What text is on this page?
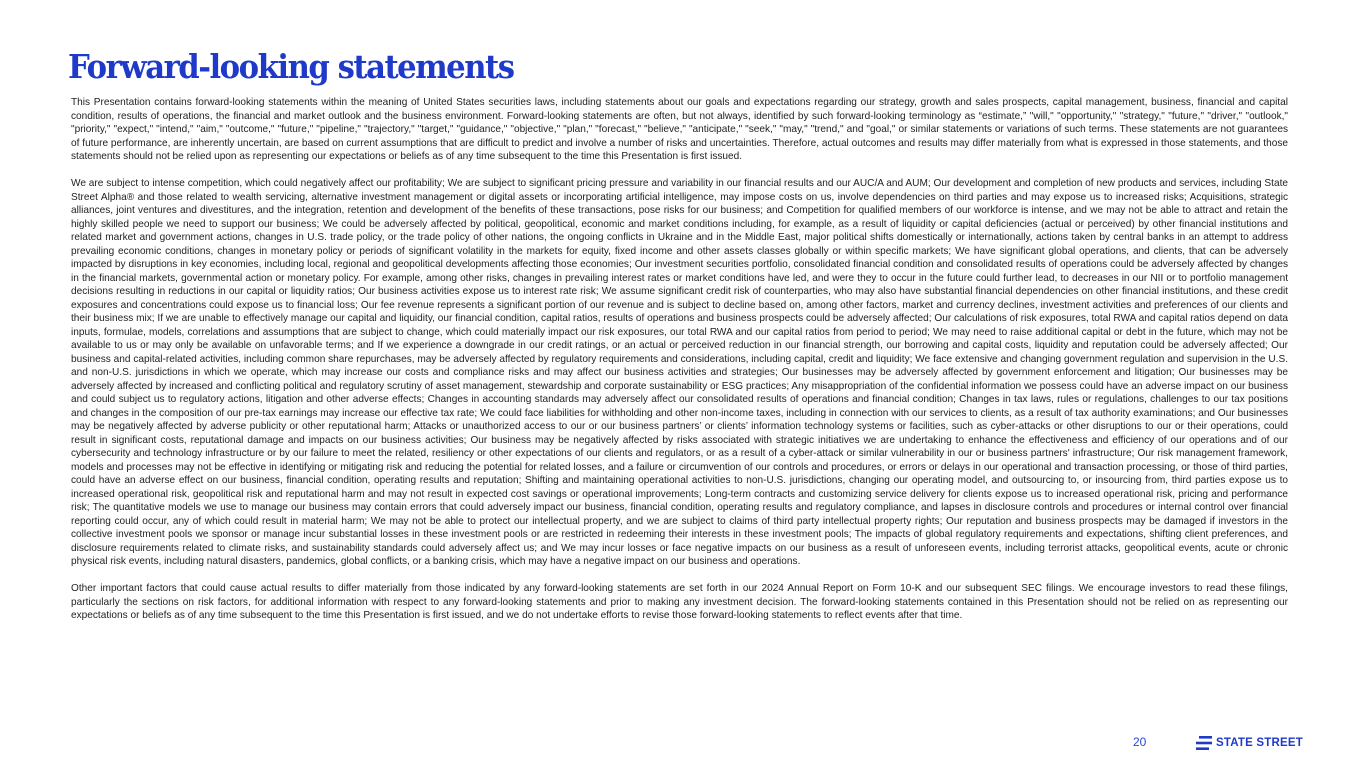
Forward-looking statements

This Presentation contains forward-looking statements within the meaning of United States securities laws, including statements about our goals and expectations regarding our strategy, growth and sales prospects, capital management, business, financial and capital condition, results of operations, the financial and market outlook and the business environment. Forward-looking statements are often, but not always, identified by such forward-looking terminology as “estimate,” "will," "opportunity," "strategy," "future," "driver," "outlook," "priority," "expect," "intend," "aim," "outcome," "future," "pipeline," "trajectory," "target," "guidance," "objective," "plan," "forecast," "believe," "anticipate," "seek," "may," "trend," and "goal," or similar statements or variations of such terms. These statements are not guarantees of future performance, are inherently uncertain, are based on current assumptions that are difficult to predict and involve a number of risks and uncertainties. Therefore, actual outcomes and results may differ materially from what is expressed in those statements, and those statements should not be relied upon as representing our expectations or beliefs as of any time subsequent to the time this Presentation is first issued.

We are subject to intense competition, which could negatively affect our profitability; We are subject to significant pricing pressure and variability in our financial results and our AUC/A and AUM; Our development and completion of new products and services, including State Street Alpha® and those related to wealth servicing, alternative investment management or digital assets or incorporating artificial intelligence, may impose costs on us, involve dependencies on third parties and may expose us to increased risks; Acquisitions, strategic alliances, joint ventures and divestitures, and the integration, retention and development of the benefits of these transactions, pose risks for our business; and Competition for qualified members of our workforce is intense, and we may not be able to attract and retain the highly skilled people we need to support our business; We could be adversely affected by political, geopolitical, economic and market conditions including, for example, as a result of liquidity or capital deficiencies (actual or perceived) by other financial institutions and related market and government actions, changes in U.S. trade policy, or the trade policy of other nations, the ongoing conflicts in Ukraine and in the Middle East, major political shifts domestically or internationally, actions taken by central banks in an attempt to address prevailing economic conditions, changes in monetary policy or periods of significant volatility in the markets for equity, fixed income and other assets classes globally or within specific markets; We have significant global operations, and clients, that can be adversely impacted by disruptions in key economies, including local, regional and geopolitical developments affecting those economies; Our investment securities portfolio, consolidated financial condition and consolidated results of operations could be adversely affected by changes in the financial markets, governmental action or monetary policy. For example, among other risks, changes in prevailing interest rates or market conditions have led, and were they to occur in the future could further lead, to decreases in our NII or to portfolio management decisions resulting in reductions in our capital or liquidity ratios; Our business activities expose us to interest rate risk; We assume significant credit risk of counterparties, who may also have substantial financial dependencies on other financial institutions, and these credit exposures and concentrations could expose us to financial loss; Our fee revenue represents a significant portion of our revenue and is subject to decline based on, among other factors, market and currency declines, investment activities and preferences of our clients and their business mix; If we are unable to effectively manage our capital and liquidity, our financial condition, capital ratios, results of operations and business prospects could be adversely affected; Our calculations of risk exposures, total RWA and capital ratios depend on data inputs, formulae, models, correlations and assumptions that are subject to change, which could materially impact our risk exposures, our total RWA and our capital ratios from period to period; We may need to raise additional capital or debt in the future, which may not be available to us or may only be available on unfavorable terms; and If we experience a downgrade in our credit ratings, or an actual or perceived reduction in our financial strength, our borrowing and capital costs, liquidity and reputation could be adversely affected; Our business and capital-related activities, including common share repurchases, may be adversely affected by regulatory requirements and considerations, including capital, credit and liquidity; We face extensive and changing government regulation and supervision in the U.S. and non-U.S. jurisdictions in which we operate, which may increase our costs and compliance risks and may affect our business activities and strategies; Our businesses may be adversely affected by government enforcement and litigation; Our businesses may be adversely affected by increased and conflicting political and regulatory scrutiny of asset management, stewardship and corporate sustainability or ESG practices; Any misappropriation of the confidential information we possess could have an adverse impact on our business and could subject us to regulatory actions, litigation and other adverse effects; Changes in accounting standards may adversely affect our consolidated results of operations and financial condition; Changes in tax laws, rules or regulations, challenges to our tax positions and changes in the composition of our pre-tax earnings may increase our effective tax rate; We could face liabilities for withholding and other non-income taxes, including in connection with our services to clients, as a result of tax authority examinations; and Our businesses may be negatively affected by adverse publicity or other reputational harm; Attacks or unauthorized access to our or our business partners’ or clients’ information technology systems or facilities, such as cyber-attacks or other disruptions to our or their operations, could result in significant costs, reputational damage and impacts on our business activities; Our business may be negatively affected by risks associated with strategic initiatives we are undertaking to enhance the effectiveness and efficiency of our operations and of our cybersecurity and technology infrastructure or by our failure to meet the related, resiliency or other expectations of our clients and regulators, or as a result of a cyber-attack or similar vulnerability in our or business partners' infrastructure; Our risk management framework, models and processes may not be effective in identifying or mitigating risk and reducing the potential for related losses, and a failure or circumvention of our controls and procedures, or errors or delays in our operational and transaction processing, or those of third parties, could have an adverse effect on our business, financial condition, operating results and reputation; Shifting and maintaining operational activities to non-U.S. jurisdictions, changing our operating model, and outsourcing to, or insourcing from, third parties expose us to increased operational risk, geopolitical risk and reputational harm and may not result in expected cost savings or operational improvements; Long-term contracts and customizing service delivery for clients expose us to increased operational risk, pricing and performance risk; The quantitative models we use to manage our business may contain errors that could adversely impact our business, financial condition, operating results and regulatory compliance, and lapses in disclosure controls and procedures or internal control over financial reporting could occur, any of which could result in material harm; We may not be able to protect our intellectual property, and we are subject to claims of third party intellectual property rights; Our reputation and business prospects may be damaged if investors in the collective investment pools we sponsor or manage incur substantial losses in these investment pools or are restricted in redeeming their interests in these investment pools; The impacts of global regulatory requirements and expectations, shifting client preferences, and disclosure requirements related to climate risks, and sustainability standards could adversely affect us; and We may incur losses or face negative impacts on our business as a result of unforeseen events, including terrorist attacks, geopolitical events, acute or chronic physical risk events, including natural disasters, pandemics, global conflicts, or a banking crisis, which may have a negative impact on our business and operations.

Other important factors that could cause actual results to differ materially from those indicated by any forward-looking statements are set forth in our 2024 Annual Report on Form 10-K and our subsequent SEC filings. We encourage investors to read these filings, particularly the sections on risk factors, for additional information with respect to any forward-looking statements and prior to making any investment decision. The forward-looking statements contained in this Presentation should not be relied on as representing our expectations or beliefs as of any time subsequent to the time this Presentation is first issued, and we do not undertake efforts to revise those forward-looking statements to reflect events after that time.

20	STATE STREET
